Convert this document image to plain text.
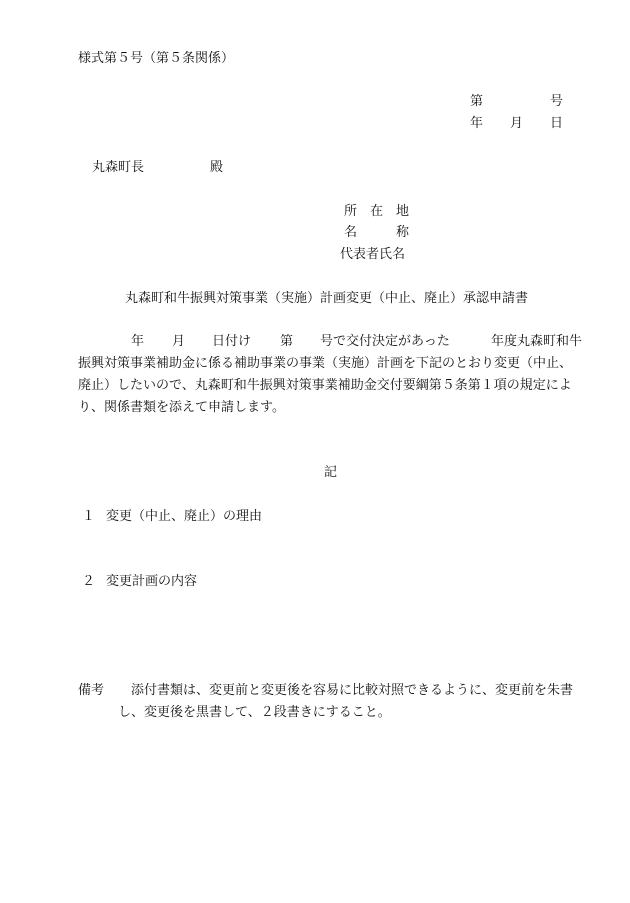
様式第５号（第５条関係）
第	号
年 月 日
丸森町長	殿
所 在 地
名	称
代表者氏名
丸森町和牛振興対策事業（実施）計画変更（中止、廃止）承認申請書
年 月 日付け 第 号で交付決定があった	年度丸森町和牛
振興対策事業補助金に係る補助事業の事業（実施）計画を下記のとおり変更（中止、
廃止）したいので、丸森町和牛振興対策事業補助金交付要綱第５条第１項の規定によ
り、関係書類を添えて申請します。
記
１ 変更（中止、廃止）の理由
２ 変更計画の内容
備考 添付書類は、変更前と変更後を容易に比較対照できるように、変更前を朱書
し、変更後を黒書して、２段書きにすること。
